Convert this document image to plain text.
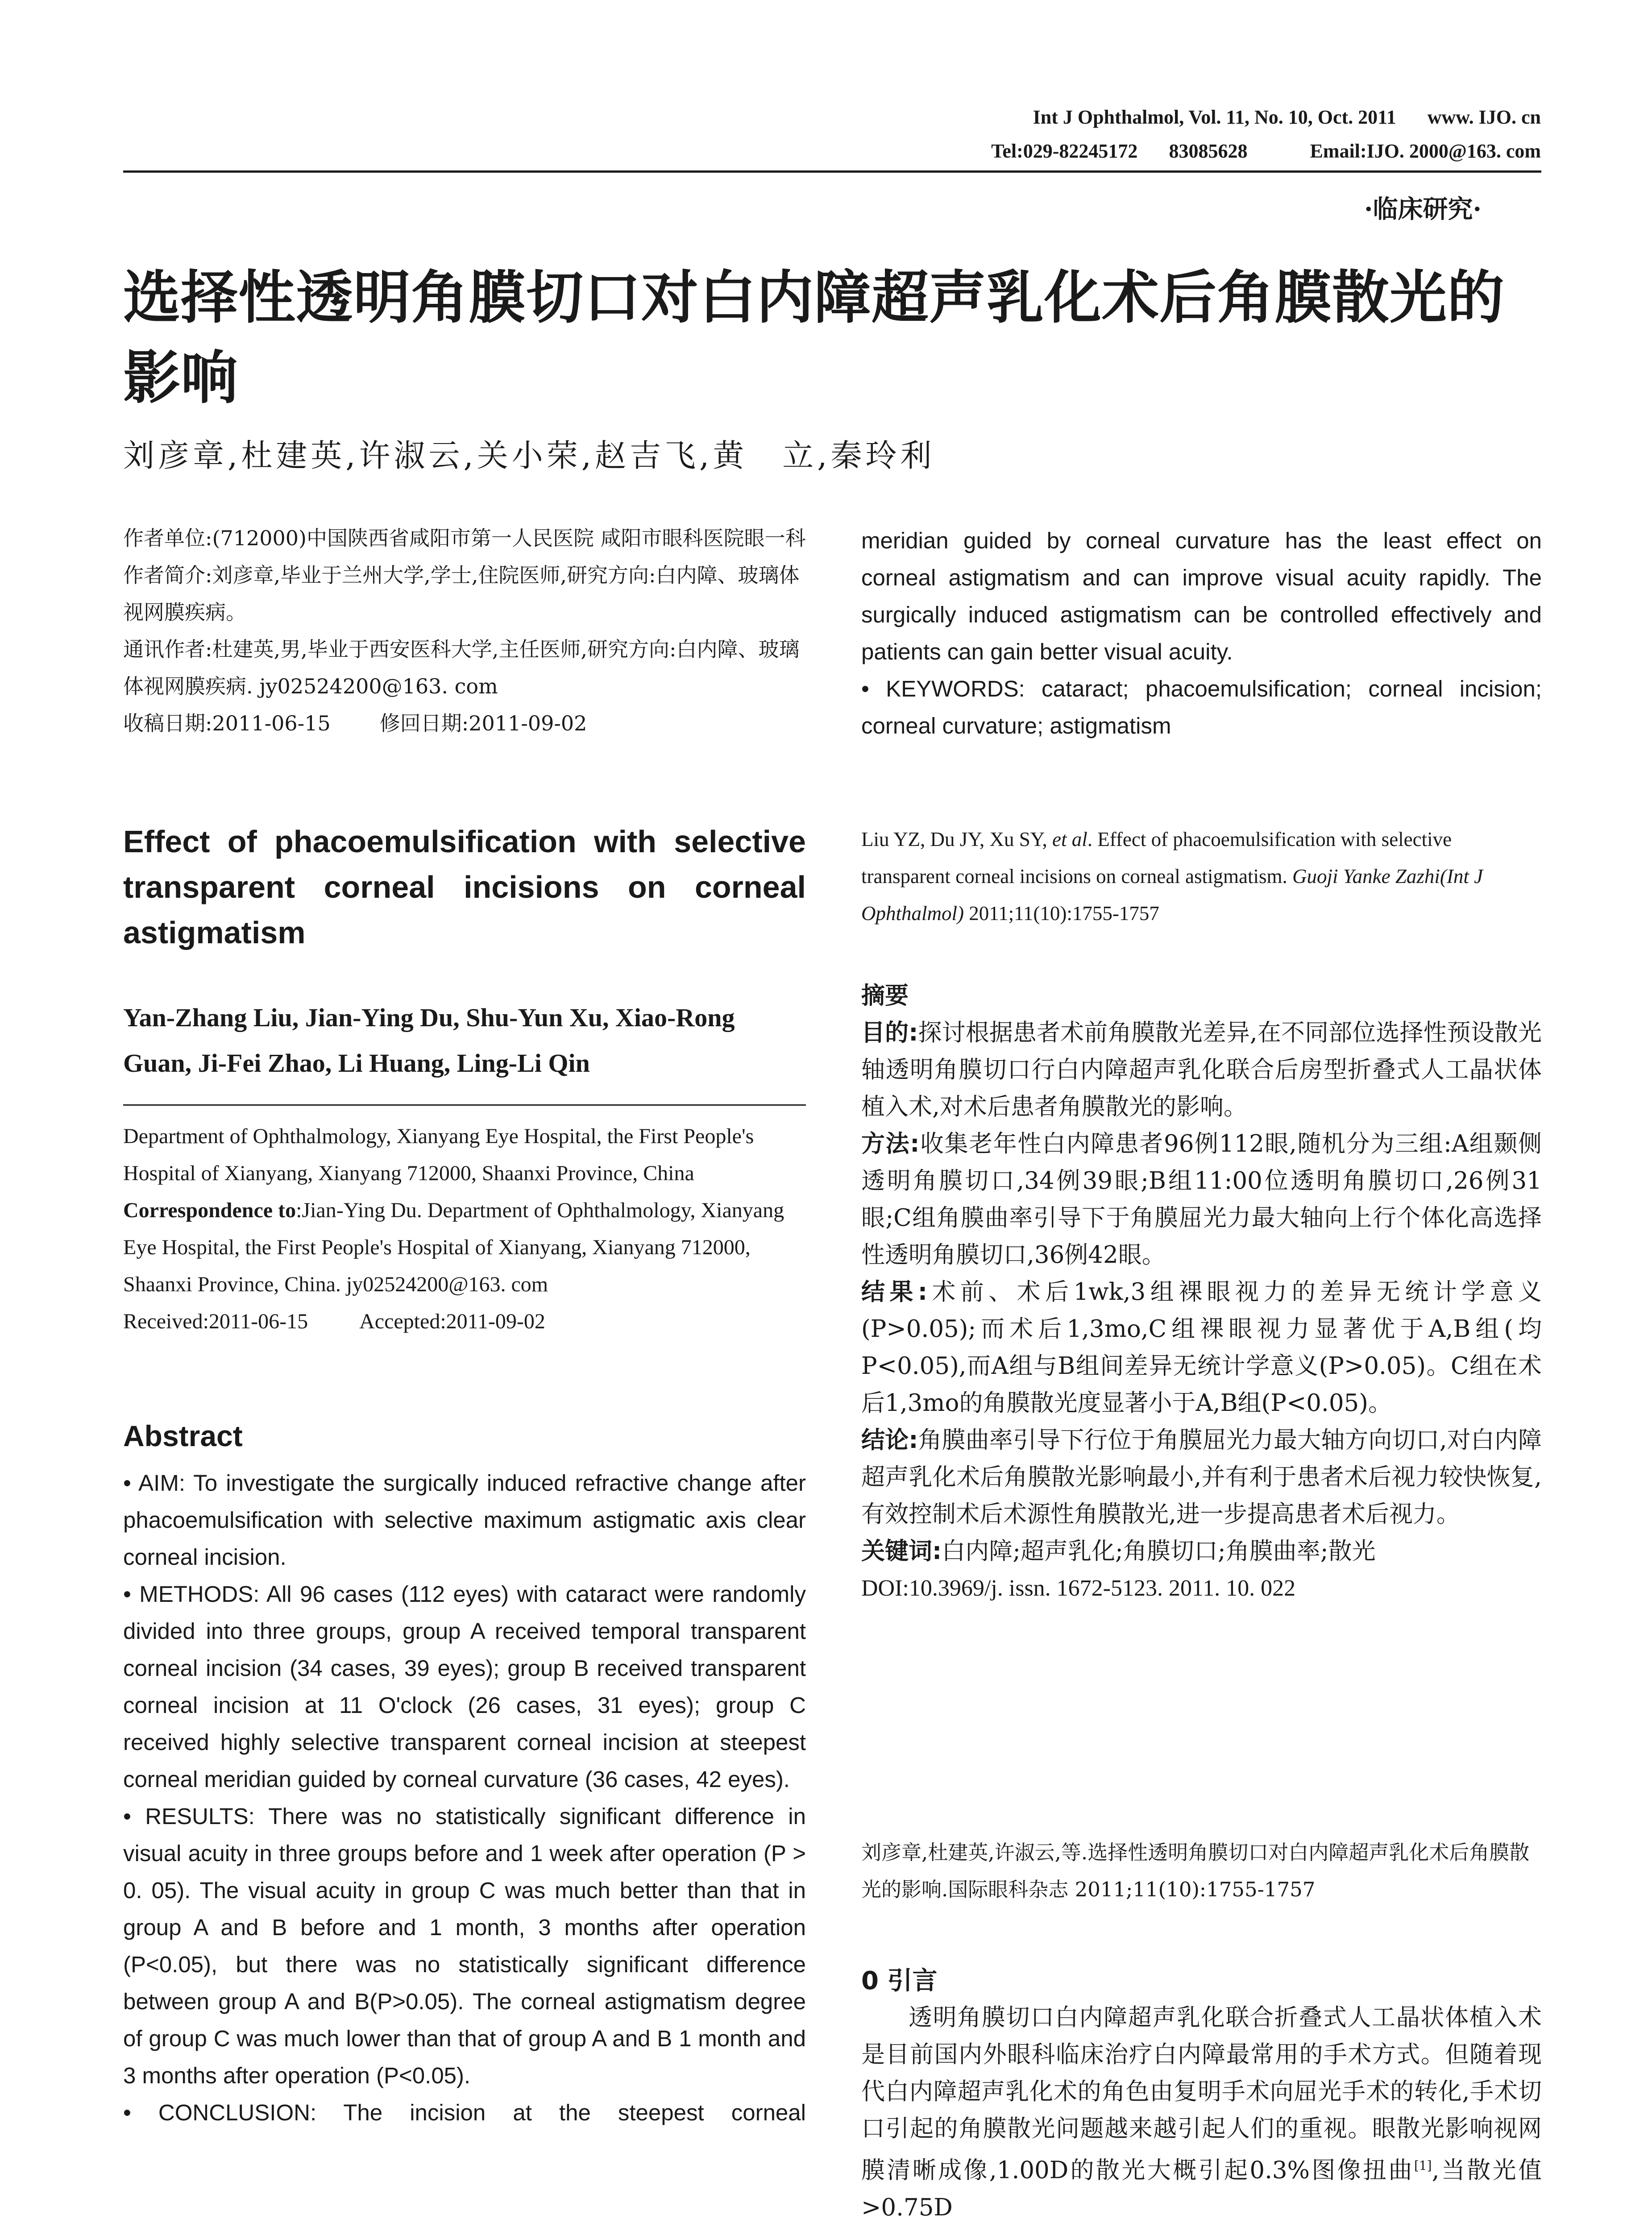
Int J Ophthalmol, Vol. 11, No. 10, Oct. 2011 www. IJO. cn
Tel:029-82245172 83085628	Email:IJO. 2000@163. com
·临床研究·
选择性透明角膜切口对白内障超声乳化术后角膜散光的影响
刘彦章,杜建英,许淑云,关小荣,赵吉飞,黄　立,秦玲利

作者单位:(712000)中国陕西省咸阳市第一人民医院 咸阳市眼科医院眼一科

作者简介:刘彦章,毕业于兰州大学,学士,住院医师,研究方向:白内障、玻璃体视网膜疾病。

通讯作者:杜建英,男,毕业于西安医科大学,主任医师,研究方向:白内障、玻璃体视网膜疾病. jy02524200@163. com

收稿日期:2011-06-15 修回日期:2011-09-02

Effect of phacoemulsification with selective transparent corneal incisions on corneal astigmatism
Yan-Zhang Liu, Jian-Ying Du, Shu-Yun Xu, Xiao-Rong Guan, Ji-Fei Zhao, Li Huang, Ling-Li Qin

Department of Ophthalmology, Xianyang Eye Hospital, the First People's Hospital of Xianyang, Xianyang 712000, Shaanxi Province, China

Correspondence to:Jian-Ying Du. Department of Ophthalmology, Xianyang Eye Hospital, the First People's Hospital of Xianyang, Xianyang 712000, Shaanxi Province, China. jy02524200@163. com

Received:2011-06-15 Accepted:2011-09-02

Abstract

• AIM: To investigate the surgically induced refractive change after phacoemulsification with selective maximum astigmatic axis clear corneal incision.

• METHODS: All 96 cases (112 eyes) with cataract were randomly divided into three groups, group A received temporal transparent corneal incision (34 cases, 39 eyes); group B received transparent corneal incision at 11 O'clock (26 cases, 31 eyes); group C received highly selective transparent corneal incision at steepest corneal meridian guided by corneal curvature (36 cases, 42 eyes).

• RESULTS: There was no statistically significant difference in visual acuity in three groups before and 1 week after operation (P > 0. 05). The visual acuity in group C was much better than that in group A and B before and 1 month, 3 months after operation (P<0.05), but there was no statistically significant difference between group A and B(P>0.05). The corneal astigmatism degree of group C was much lower than that of group A and B 1 month and 3 months after operation (P<0.05).

• CONCLUSION: The incision at the steepest corneal

meridian guided by corneal curvature has the least effect on corneal astigmatism and can improve visual acuity rapidly. The surgically induced astigmatism can be controlled effectively and patients can gain better visual acuity.

• KEYWORDS: cataract; phacoemulsification; corneal incision; corneal curvature; astigmatism

Liu YZ, Du JY, Xu SY, et al. Effect of phacoemulsification with selective transparent corneal incisions on corneal astigmatism. Guoji Yanke Zazhi(Int J Ophthalmol) 2011;11(10):1755-1757

摘要

目的:探讨根据患者术前角膜散光差异,在不同部位选择性预设散光轴透明角膜切口行白内障超声乳化联合后房型折叠式人工晶状体植入术,对术后患者角膜散光的影响。

方法:收集老年性白内障患者96例112眼,随机分为三组:A组颞侧透明角膜切口,34例39眼;B组11:00位透明角膜切口,26例31眼;C组角膜曲率引导下于角膜屈光力最大轴向上行个体化高选择性透明角膜切口,36例42眼。

结果:术前、术后1wk,3组裸眼视力的差异无统计学意义(P>0.05);而术后1,3mo,C组裸眼视力显著优于A,B组(均P<0.05),而A组与B组间差异无统计学意义(P>0.05)。C组在术后1,3mo的角膜散光度显著小于A,B组(P<0.05)。

结论:角膜曲率引导下行位于角膜屈光力最大轴方向切口,对白内障超声乳化术后角膜散光影响最小,并有利于患者术后视力较快恢复,有效控制术后术源性角膜散光,进一步提高患者术后视力。

关键词:白内障;超声乳化;角膜切口;角膜曲率;散光

DOI:10.3969/j. issn. 1672-5123. 2011. 10. 022

刘彦章,杜建英,许淑云,等.选择性透明角膜切口对白内障超声乳化术后角膜散光的影响.国际眼科杂志 2011;11(10):1755-1757
0 引言
透明角膜切口白内障超声乳化联合折叠式人工晶状体植入术是目前国内外眼科临床治疗白内障最常用的手术方式。但随着现代白内障超声乳化术的角色由复明手术向屈光手术的转化,手术切口引起的角膜散光问题越来越引起人们的重视。眼散光影响视网膜清晰成像,1.00D的散光大概引起0.3%图像扭曲[1],当散光值>0.75D
